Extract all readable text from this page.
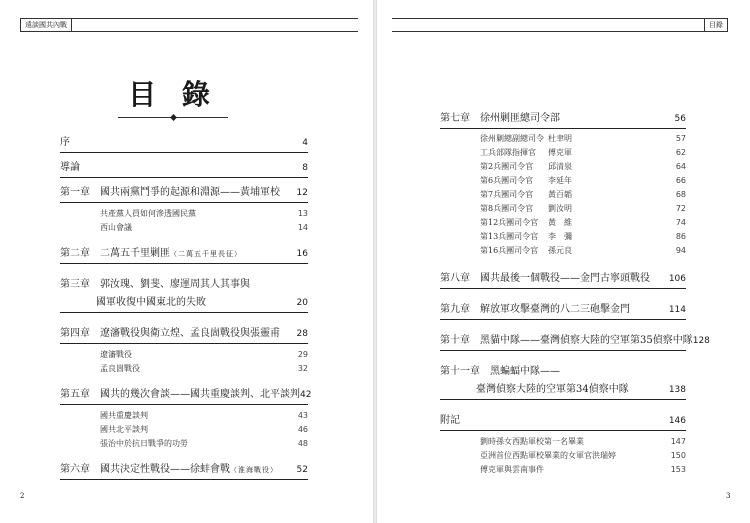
遠談國共內戰	目錄
2	3
目 錄
序	4
導論	8
第一章　國共兩黨鬥爭的起源和淵源——黃埔軍校 12
共產黨人員如何滲透國民黨	13
西山會議	14
第二章　二萬五千里剿匪（二萬五千里長征）	16
第三章　郭汝瑰、劉斐、廖運周其人其事與
國軍收復中國東北的失敗	20
第四章　遼瀋戰役與衛立煌、孟良崮戰役與張靈甫 28
遼瀋戰役	29
孟良崮戰役	32
第五章　國共的幾次會談——國共重慶談判、北平談判 42
國共重慶談判	43
國共北平談判	46
張治中於抗日戰爭的功勞	48
第六章　國共決定性戰役——徐蚌會戰（淮海戰役） 52
第七章　徐州剿匪總司令部	56
徐州剿總副總司令 杜聿明	57
工兵部隊指揮官 傅克軍	62
第2兵團司令官 邱清泉	64
第6兵團司令官 李延年	66
第7兵團司令官 黃百韜	68
第8兵團司令官 劉汝明	72
第12兵團司令官 黃　維	74
第13兵團司令官 李　彌	86
第16兵團司令官 孫元良	94
第八章　國共最後一個戰役——金門古寧頭戰役 106
第九章　解放軍攻擊臺灣的八二三砲擊金門	114
第十章　黑貓中隊——臺灣偵察大陸的空軍第35偵察中隊 128
第十一章　黑蝙蝠中隊——
臺灣偵察大陸的空軍第34偵察中隊	138
附記	146
劉時孫女西點軍校第一名畢業	147
亞洲首位西點軍校畢業的女軍官洪瑞婷	150
傅克軍與雲南事件	153
